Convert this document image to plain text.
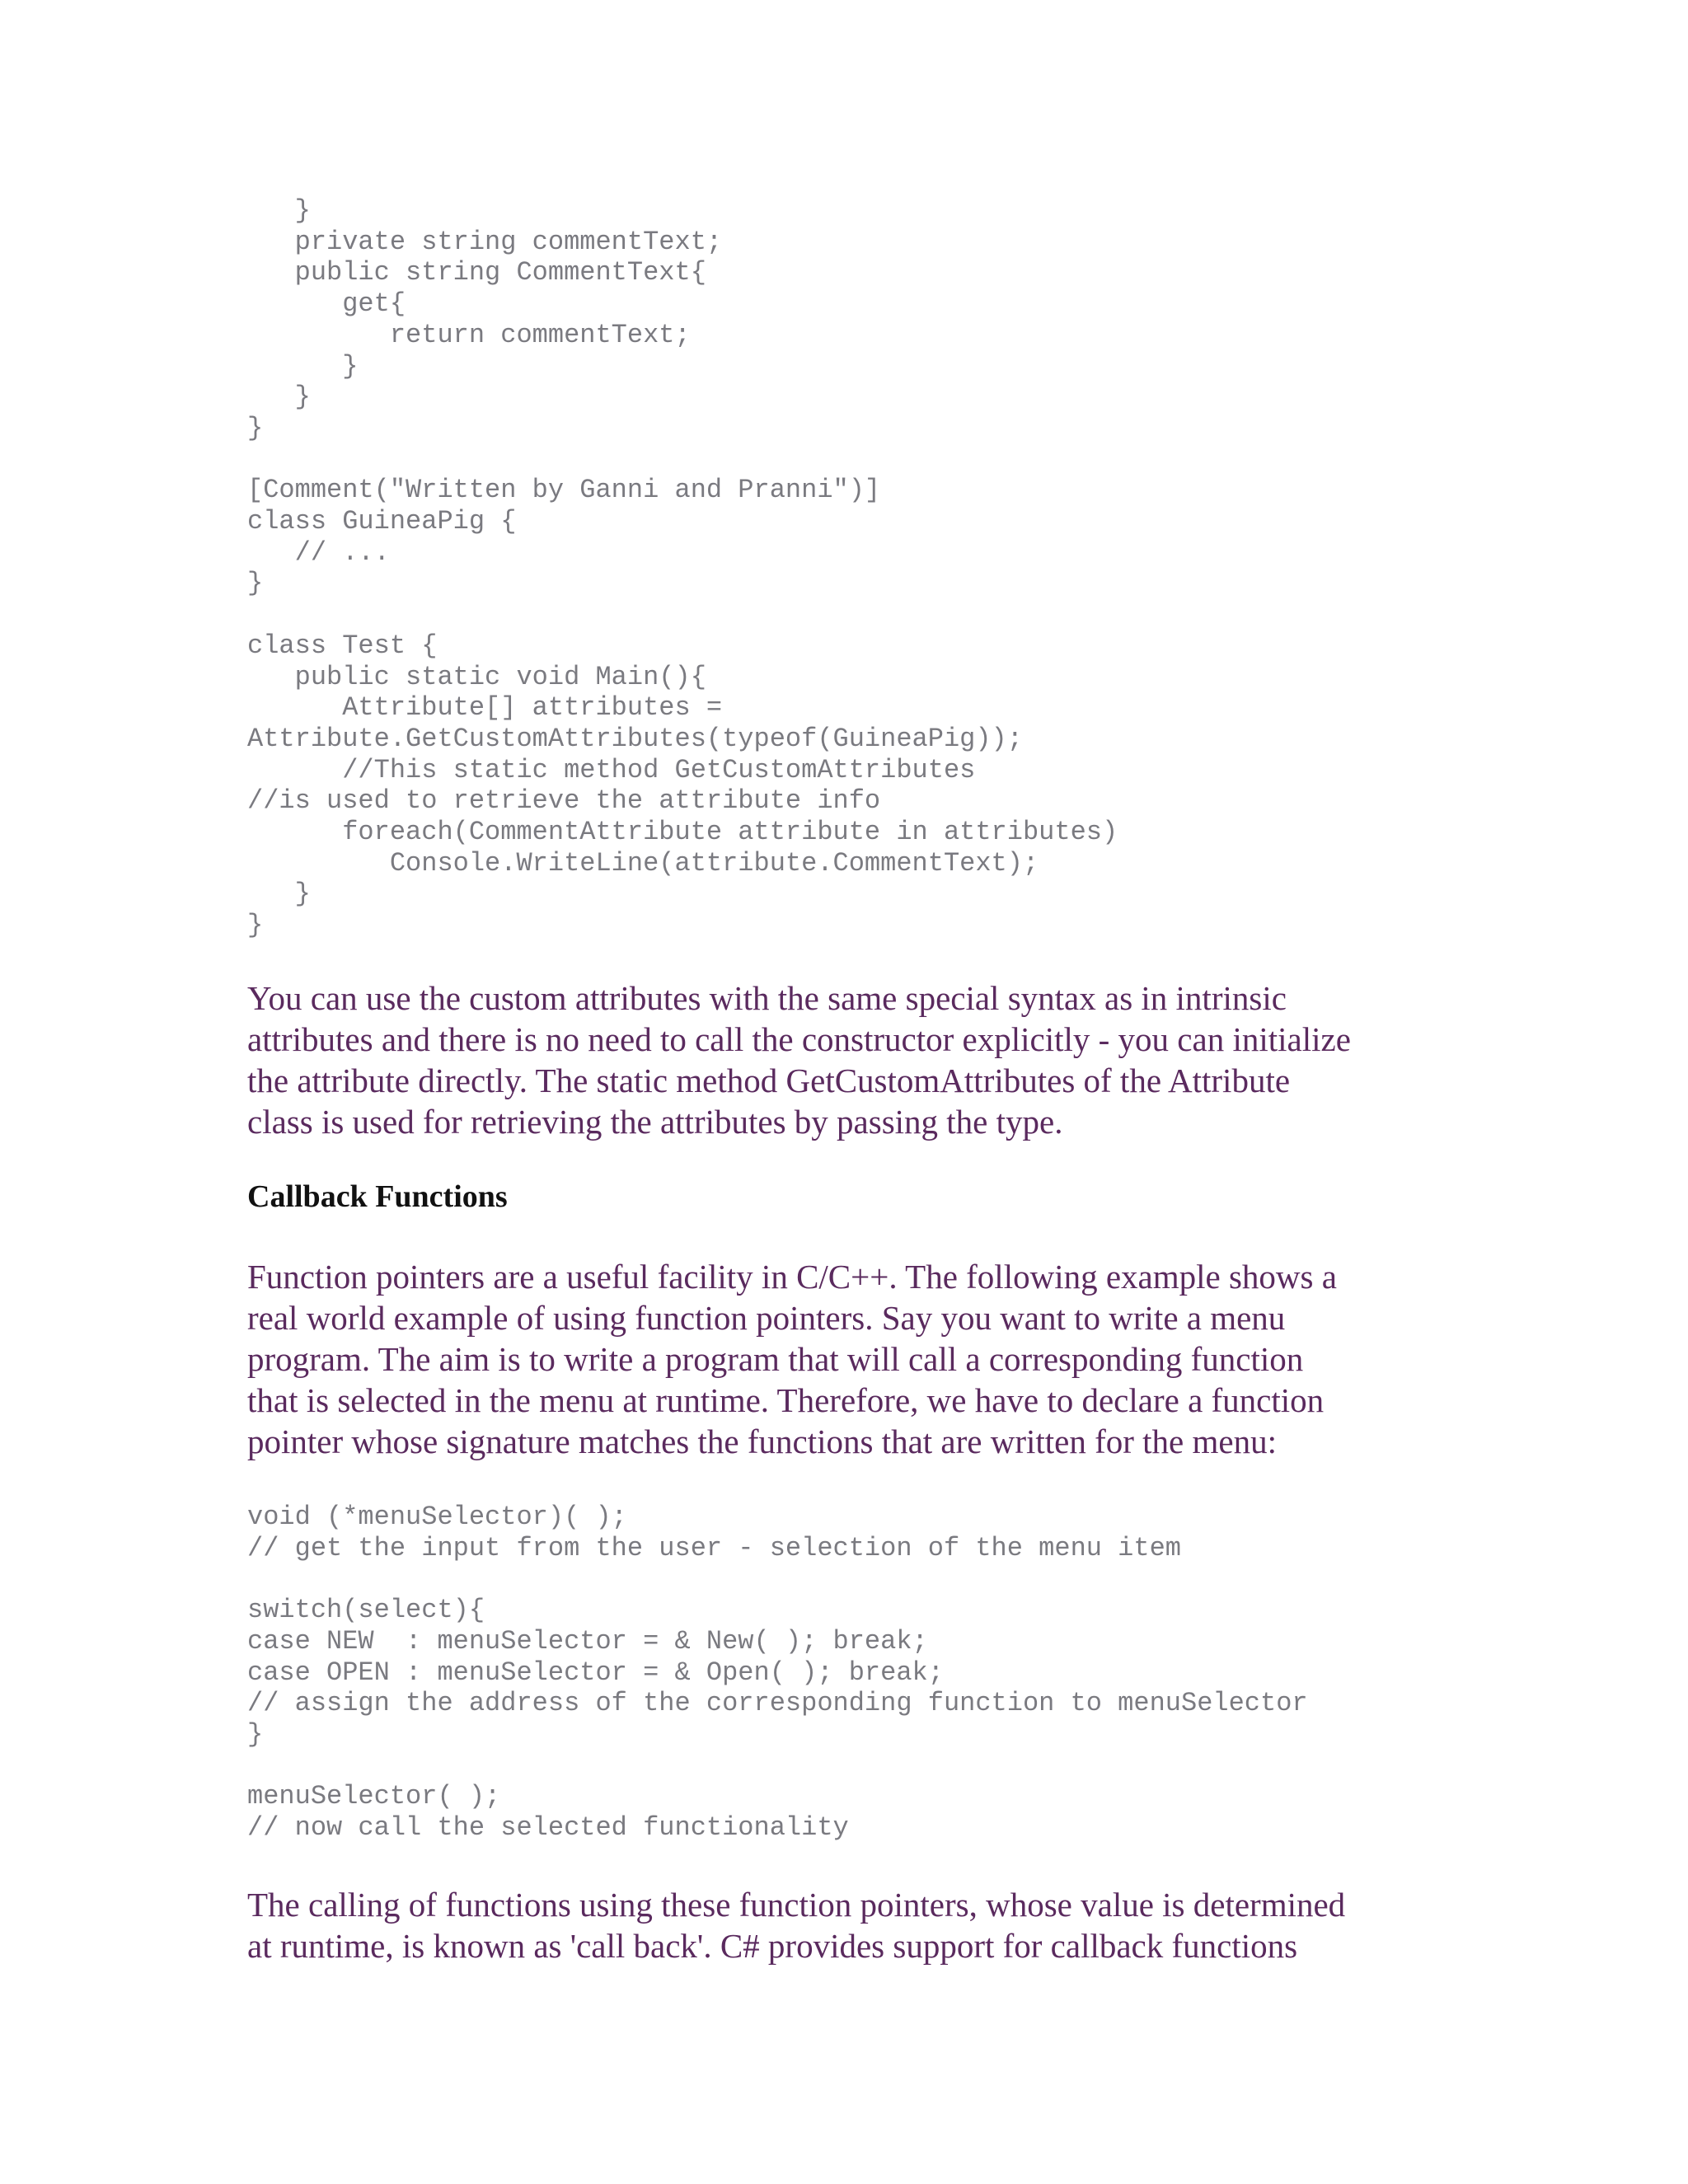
}
private string commentText;
public string CommentText{
get{
return commentText;
}
}
}

[Comment("Written by Ganni and Pranni")]
class GuineaPig {
// ...
}

class Test {
public static void Main(){
Attribute[] attributes =
Attribute.GetCustomAttributes(typeof(GuineaPig));
//This static method GetCustomAttributes
//is used to retrieve the attribute info
foreach(CommentAttribute attribute in attributes)
Console.WriteLine(attribute.CommentText);
}
}

You can use the custom attributes with the same special syntax as in intrinsic
attributes and there is no need to call the constructor explicitly - you can initialize
the attribute directly. The static method GetCustomAttributes of the Attribute
class is used for retrieving the attributes by passing the type.

Callback Functions

Function pointers are a useful facility in C/C++. The following example shows a
real world example of using function pointers. Say you want to write a menu
program. The aim is to write a program that will call a corresponding function
that is selected in the menu at runtime. Therefore, we have to declare a function
pointer whose signature matches the functions that are written for the menu:

void (*menuSelector)( );
// get the input from the user - selection of the menu item

switch(select){
case NEW  : menuSelector = & New( ); break;
case OPEN : menuSelector = & Open( ); break;
// assign the address of the corresponding function to menuSelector
}

menuSelector( );
// now call the selected functionality

The calling of functions using these function pointers, whose value is determined
at runtime, is known as 'call back'. C# provides support for callback functions
